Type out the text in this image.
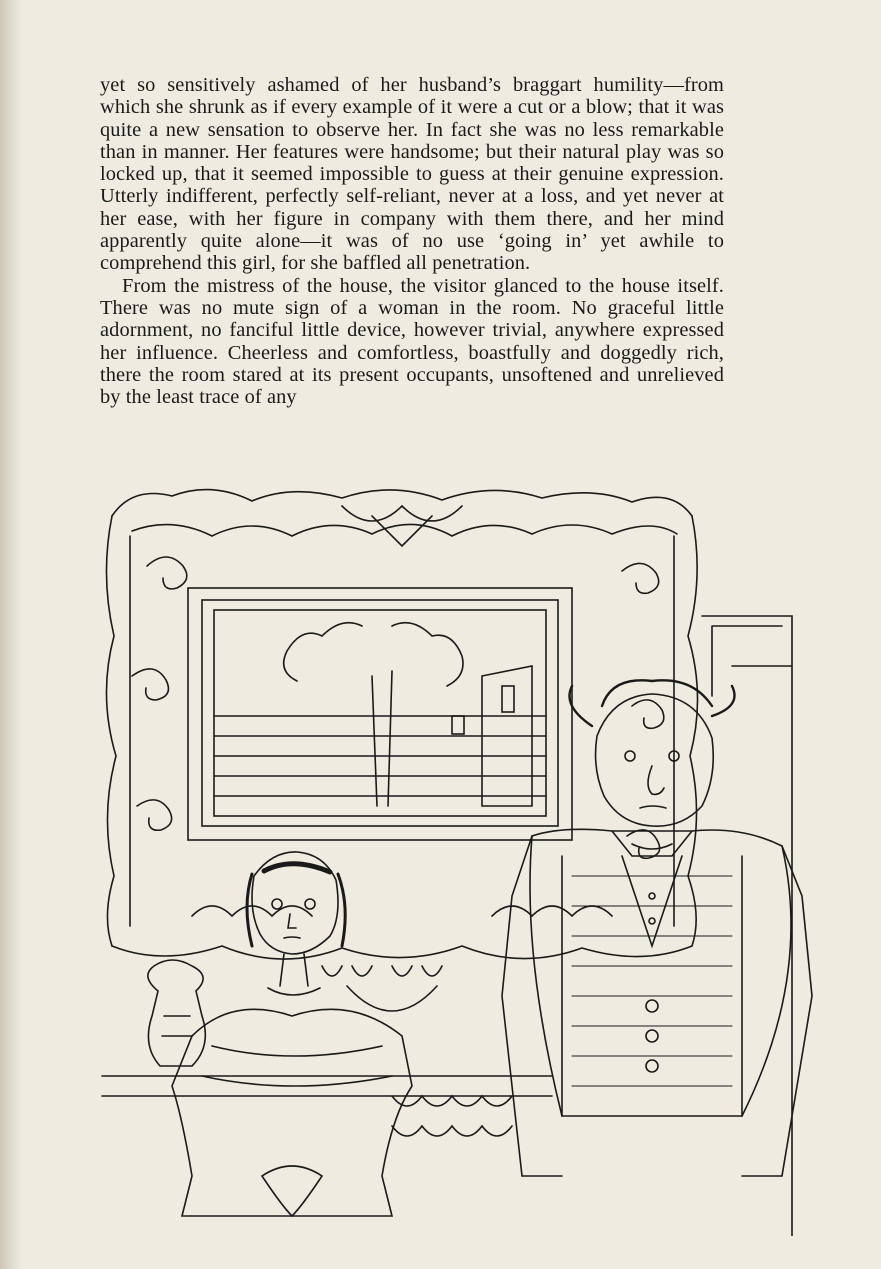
yet so sensitively ashamed of her husband’s braggart humility—from which she shrunk as if every example of it were a cut or a blow; that it was quite a new sensation to observe her. In fact she was no less remarkable than in manner. Her features were handsome; but their natural play was so locked up, that it seemed impossible to guess at their genuine expression. Utterly indifferent, perfectly self-reliant, never at a loss, and yet never at her ease, with her figure in company with them there, and her mind apparently quite alone—it was of no use ‘going in’ yet awhile to comprehend this girl, for she baffled all penetration.

From the mistress of the house, the visitor glanced to the house itself. There was no mute sign of a woman in the room. No graceful little adornment, no fanciful little device, however trivial, anywhere expressed her influence. Cheerless and comfortless, boastfully and doggedly rich, there the room stared at its present occupants, unsoftened and unrelieved by the least trace of any
